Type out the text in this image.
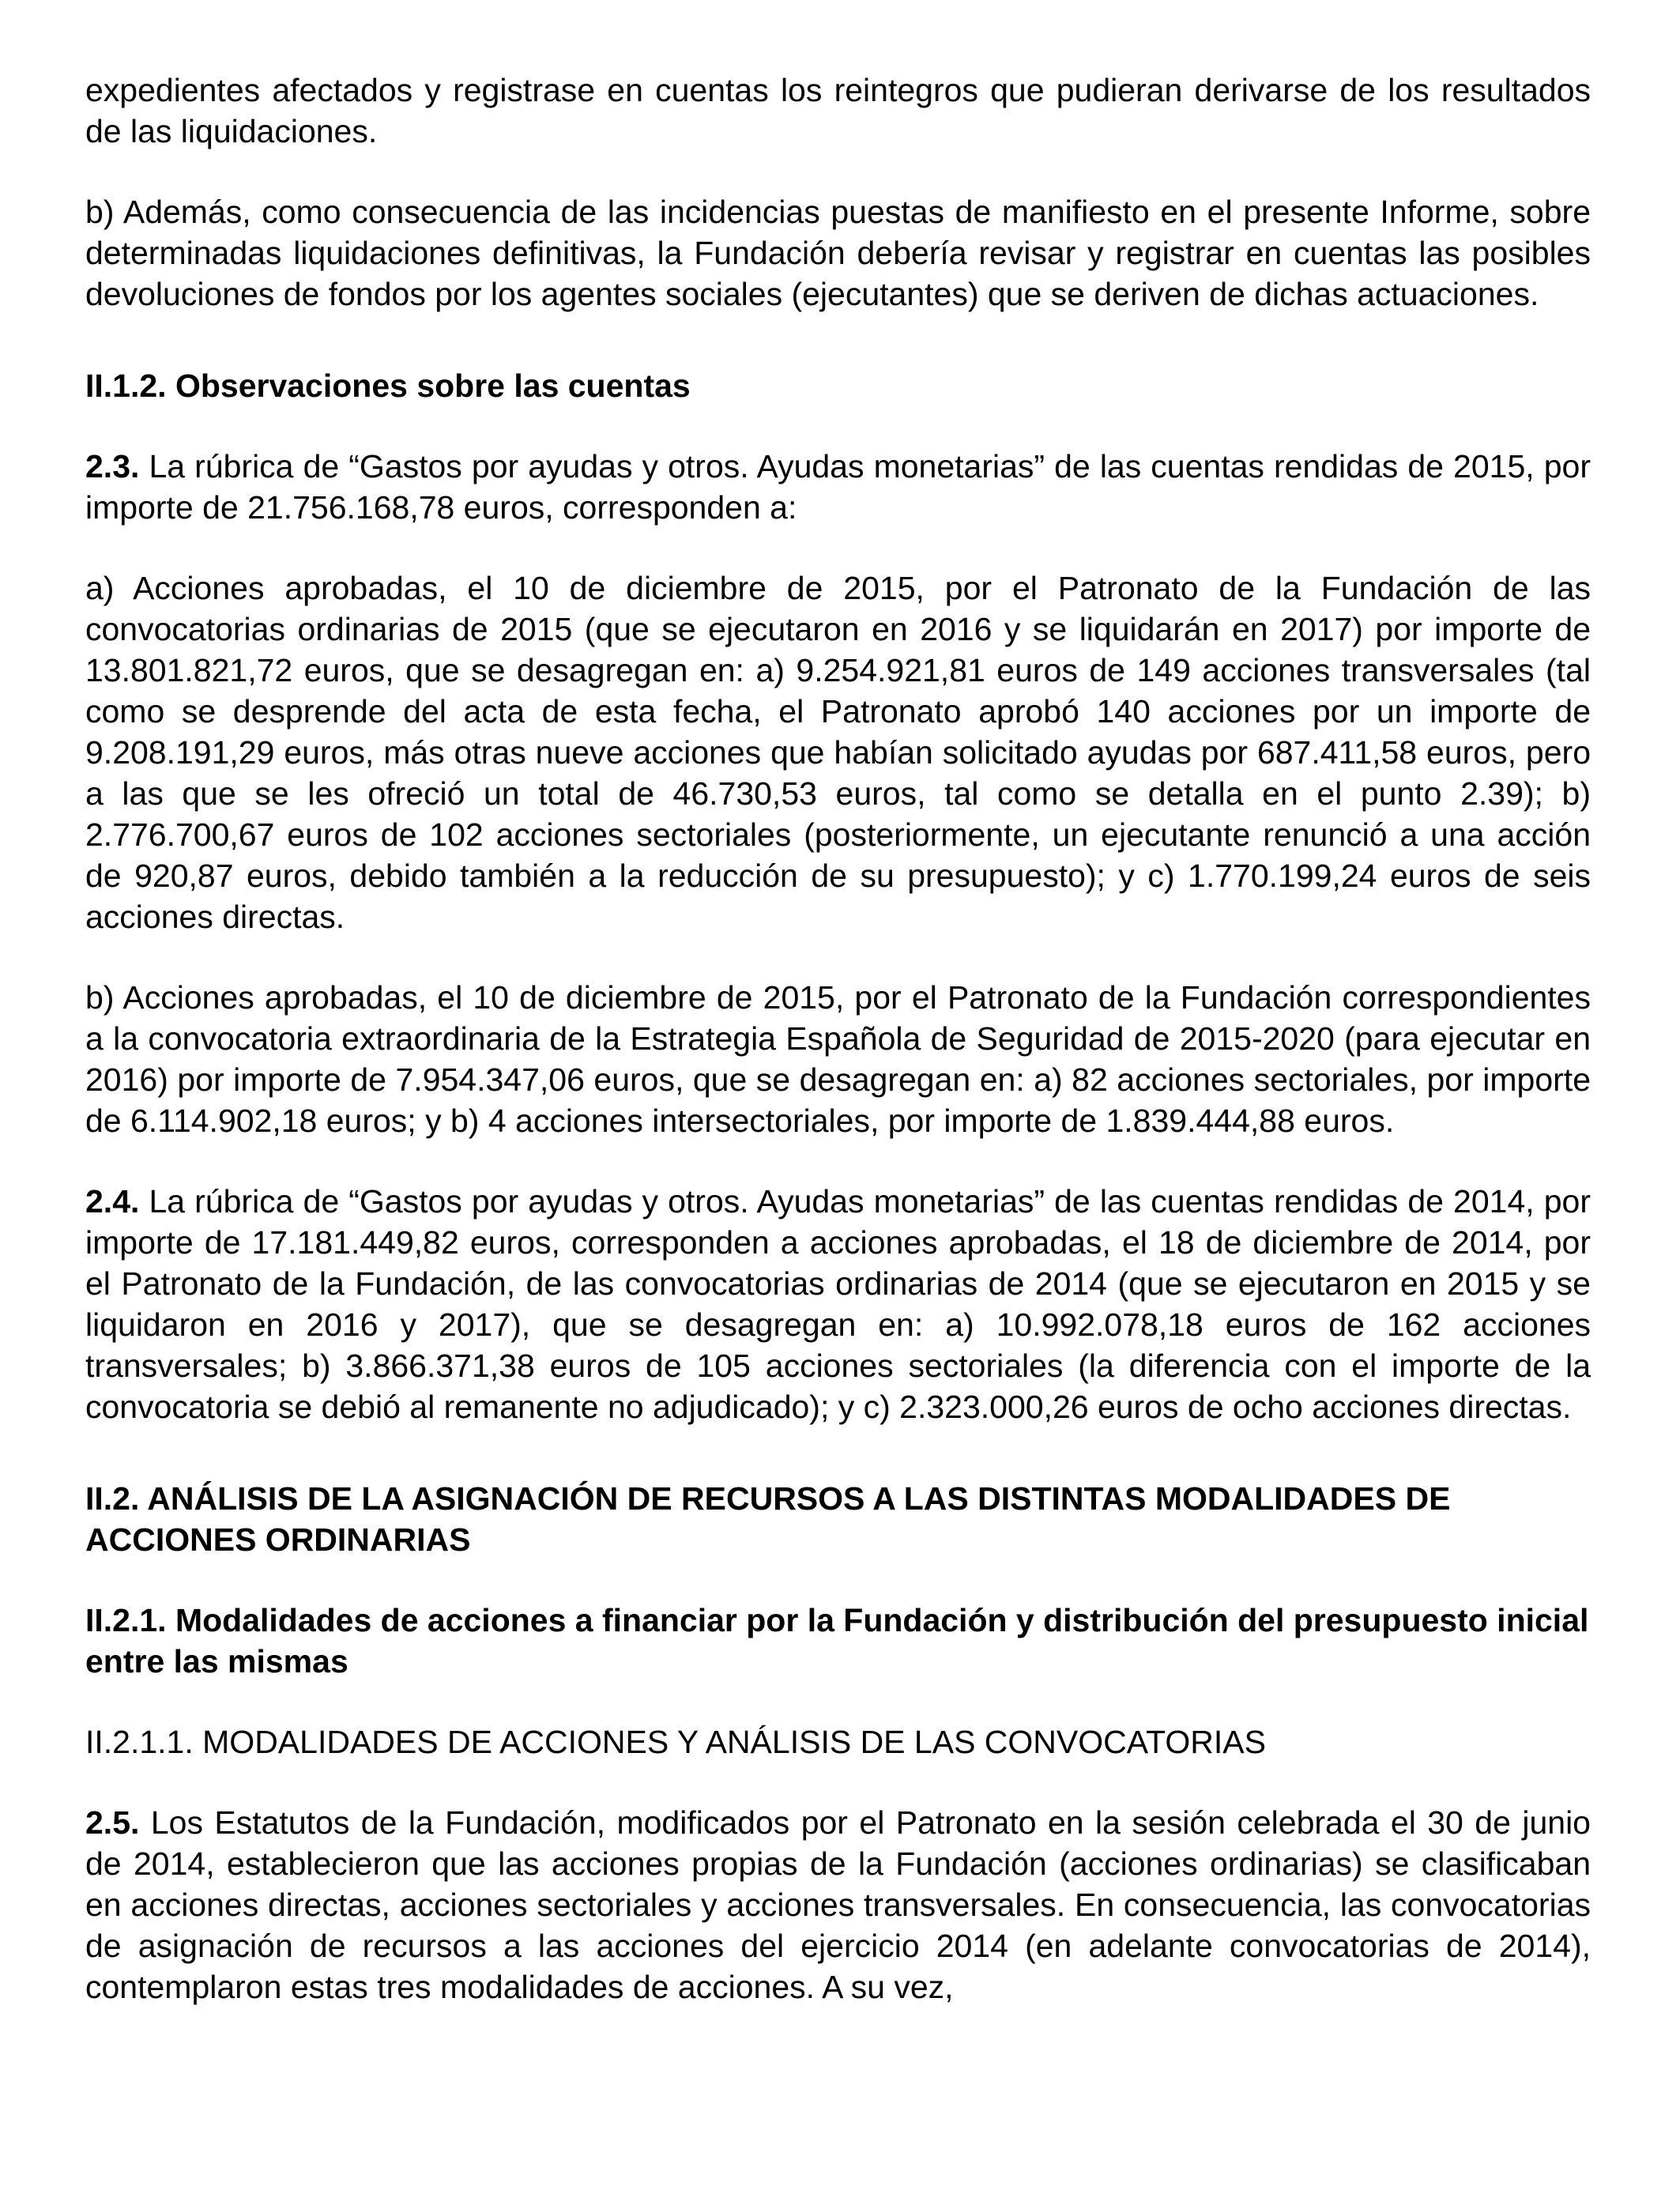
expedientes afectados y registrase en cuentas los reintegros que pudieran derivarse de los resultados de las liquidaciones.

b) Además, como consecuencia de las incidencias puestas de manifiesto en el presente Informe, sobre determinadas liquidaciones definitivas, la Fundación debería revisar y registrar en cuentas las posibles devoluciones de fondos por los agentes sociales (ejecutantes) que se deriven de dichas actuaciones.

II.1.2. Observaciones sobre las cuentas

2.3. La rúbrica de “Gastos por ayudas y otros. Ayudas monetarias” de las cuentas rendidas de 2015, por importe de 21.756.168,78 euros, corresponden a:

a) Acciones aprobadas, el 10 de diciembre de 2015, por el Patronato de la Fundación de las convocatorias ordinarias de 2015 (que se ejecutaron en 2016 y se liquidarán en 2017) por importe de 13.801.821,72 euros, que se desagregan en: a) 9.254.921,81 euros de 149 acciones transversales (tal como se desprende del acta de esta fecha, el Patronato aprobó 140 acciones por un importe de 9.208.191,29 euros, más otras nueve acciones que habían solicitado ayudas por 687.411,58 euros, pero a las que se les ofreció un total de 46.730,53 euros, tal como se detalla en el punto 2.39); b) 2.776.700,67 euros de 102 acciones sectoriales (posteriormente, un ejecutante renunció a una acción de 920,87 euros, debido también a la reducción de su presupuesto); y c) 1.770.199,24 euros de seis acciones directas.

b) Acciones aprobadas, el 10 de diciembre de 2015, por el Patronato de la Fundación correspondientes a la convocatoria extraordinaria de la Estrategia Española de Seguridad de 2015-2020 (para ejecutar en 2016) por importe de 7.954.347,06 euros, que se desagregan en: a) 82 acciones sectoriales, por importe de 6.114.902,18 euros; y b) 4 acciones intersectoriales, por importe de 1.839.444,88 euros.

2.4. La rúbrica de “Gastos por ayudas y otros. Ayudas monetarias” de las cuentas rendidas de 2014, por importe de 17.181.449,82 euros, corresponden a acciones aprobadas, el 18 de diciembre de 2014, por el Patronato de la Fundación, de las convocatorias ordinarias de 2014 (que se ejecutaron en 2015 y se liquidaron en 2016 y 2017), que se desagregan en: a) 10.992.078,18 euros de 162 acciones transversales; b) 3.866.371,38 euros de 105 acciones sectoriales (la diferencia con el importe de la convocatoria se debió al remanente no adjudicado); y c) 2.323.000,26 euros de ocho acciones directas.

II.2. ANÁLISIS DE LA ASIGNACIÓN DE RECURSOS A LAS DISTINTAS MODALIDADES DE ACCIONES ORDINARIAS
II.2.1. Modalidades de acciones a financiar por la Fundación y distribución del presupuesto inicial entre las mismas
II.2.1.1. MODALIDADES DE ACCIONES Y ANÁLISIS DE LAS CONVOCATORIAS

2.5. Los Estatutos de la Fundación, modificados por el Patronato en la sesión celebrada el 30 de junio de 2014, establecieron que las acciones propias de la Fundación (acciones ordinarias) se clasificaban en acciones directas, acciones sectoriales y acciones transversales. En consecuencia, las convocatorias de asignación de recursos a las acciones del ejercicio 2014 (en adelante convocatorias de 2014), contemplaron estas tres modalidades de acciones. A su vez,
